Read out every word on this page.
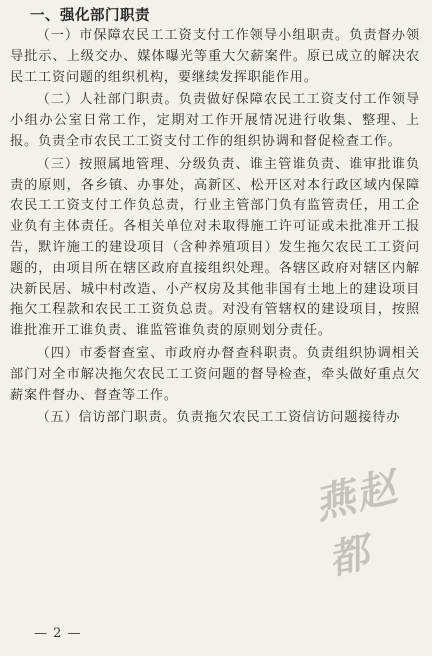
一、强化部门职责

（一）市保障农民工工资支付工作领导小组职责。负责督办领导批示、上级交办、媒体曝光等重大欠薪案件。原已成立的解决农民工工资问题的组织机构，要继续发挥职能作用。

（二）人社部门职责。负责做好保障农民工工资支付工作领导小组办公室日常工作，定期对工作开展情况进行收集、整理、上报。负责全市农民工工资支付工作的组织协调和督促检查工作。

（三）按照属地管理、分级负责、谁主管谁负责、谁审批谁负责的原则，各乡镇、办事处，高新区、松开区对本行政区域内保障农民工工资支付工作负总责，行业主管部门负有监管责任，用工企业负有主体责任。各相关单位对未取得施工许可证或未批准开工报告，默许施工的建设项目（含种养殖项目）发生拖欠农民工工资问题的，由项目所在辖区政府直接组织处理。各辖区政府对辖区内解决新民居、城中村改造、小产权房及其他非国有土地上的建设项目拖欠工程款和农民工工资负总责。对没有管辖权的建设项目，按照谁批准开工谁负责、谁监管谁负责的原则划分责任。

（四）市委督查室、市政府办督查科职责。负责组织协调相关部门对全市解决拖欠农民工工资问题的督导检查，牵头做好重点欠薪案件督办、督查等工作。

（五）信访部门职责。负责拖欠农民工工资信访问题接待办

燕赵都
— 2 —
